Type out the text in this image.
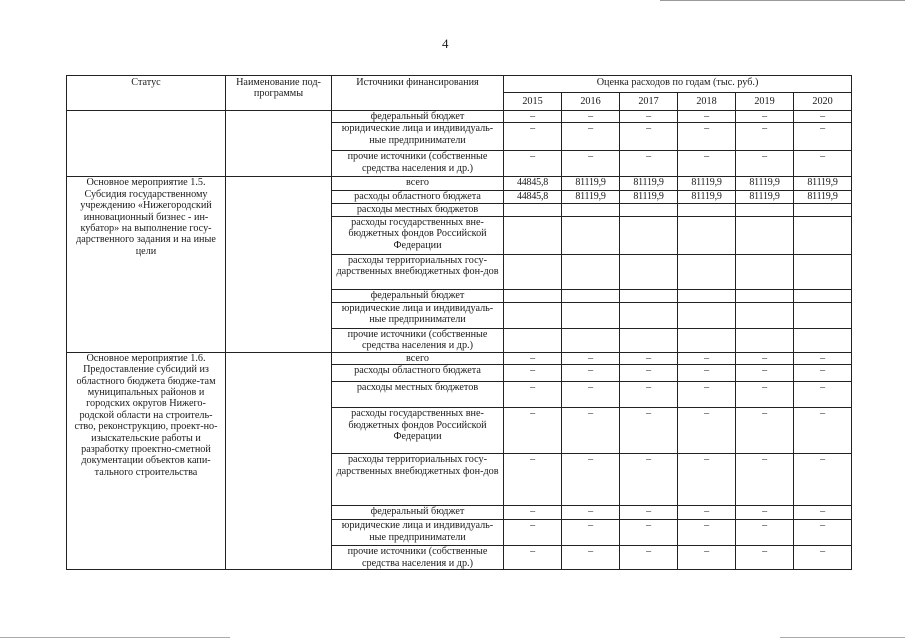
4
Статус	Наименование под-программы	Источники финансирования	Оценка расходов по годам (тыс. руб.)					
			2015	2016	2017	2018	2019	2020
		федеральный бюджет	–	–	–	–	–	–
		юридические лица и индивидуаль-ные предприниматели	–	–	–	–	–	–
		прочие источники (собственные средства населения и др.)	–	–	–	–	–	–
Основное мероприятие 1.5. Субсидия государственному учреждению «Нижегородский инновационный бизнес - ин-кубатор» на выполнение госу-дарственного задания и на иные цели		всего	44845,8	81119,9	81119,9	81119,9	81119,9	81119,9
		расходы областного бюджета	44845,8	81119,9	81119,9	81119,9	81119,9	81119,9
		расходы местных бюджетов						
		расходы государственных вне-бюджетных фондов Российской Федерации						
		расходы территориальных госу-дарственных внебюджетных фон-дов						
		федеральный бюджет						
		юридические лица и индивидуаль-ные предприниматели						
		прочие источники (собственные средства населения и др.)						
Основное мероприятие 1.6. Предоставление субсидий из областного бюджета бюдже-там муниципальных районов и городских округов Нижего-родской области на строитель-ство, реконструкцию, проект-но-изыскательские работы и разработку проектно-сметной документации объектов капи-тального строительства		всего	–	–	–	–	–	–
		расходы областного бюджета	–	–	–	–	–	–
		расходы местных бюджетов	–	–	–	–	–	–
		расходы государственных вне-бюджетных фондов Российской Федерации	–	–	–	–	–	–
		расходы территориальных госу-дарственных внебюджетных фон-дов	–	–	–	–	–	–
		федеральный бюджет	–	–	–	–	–	–
		юридические лица и индивидуаль-ные предприниматели	–	–	–	–	–	–
		прочие источники (собственные средства населения и др.)	–	–	–	–	–	–
